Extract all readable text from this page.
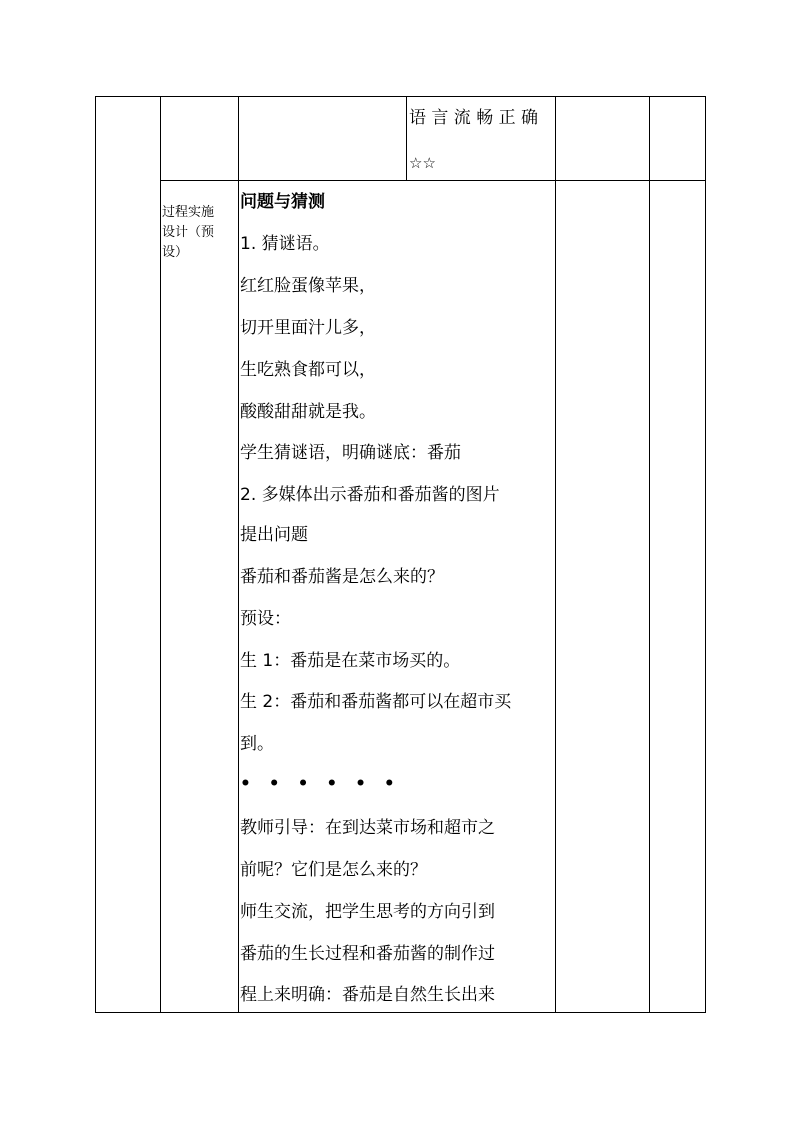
语 言 流 畅 正 确
☆☆
过程实施
设计（预
设）
问题与猜测
1. 猜谜语。
红红脸蛋像苹果，
切开里面汁儿多，
生吃熟食都可以，
酸酸甜甜就是我。
学生猜谜语，明确谜底：番茄
2. 多媒体出示番茄和番茄酱的图片
提出问题
番茄和番茄酱是怎么来的？
预设：
生 1：番茄是在菜市场买的。
生 2：番茄和番茄酱都可以在超市买
到。
• • • • • •
教师引导：在到达菜市场和超市之
前呢？它们是怎么来的？
师生交流，把学生思考的方向引到
番茄的生长过程和番茄酱的制作过
程上来明确：番茄是自然生长出来
